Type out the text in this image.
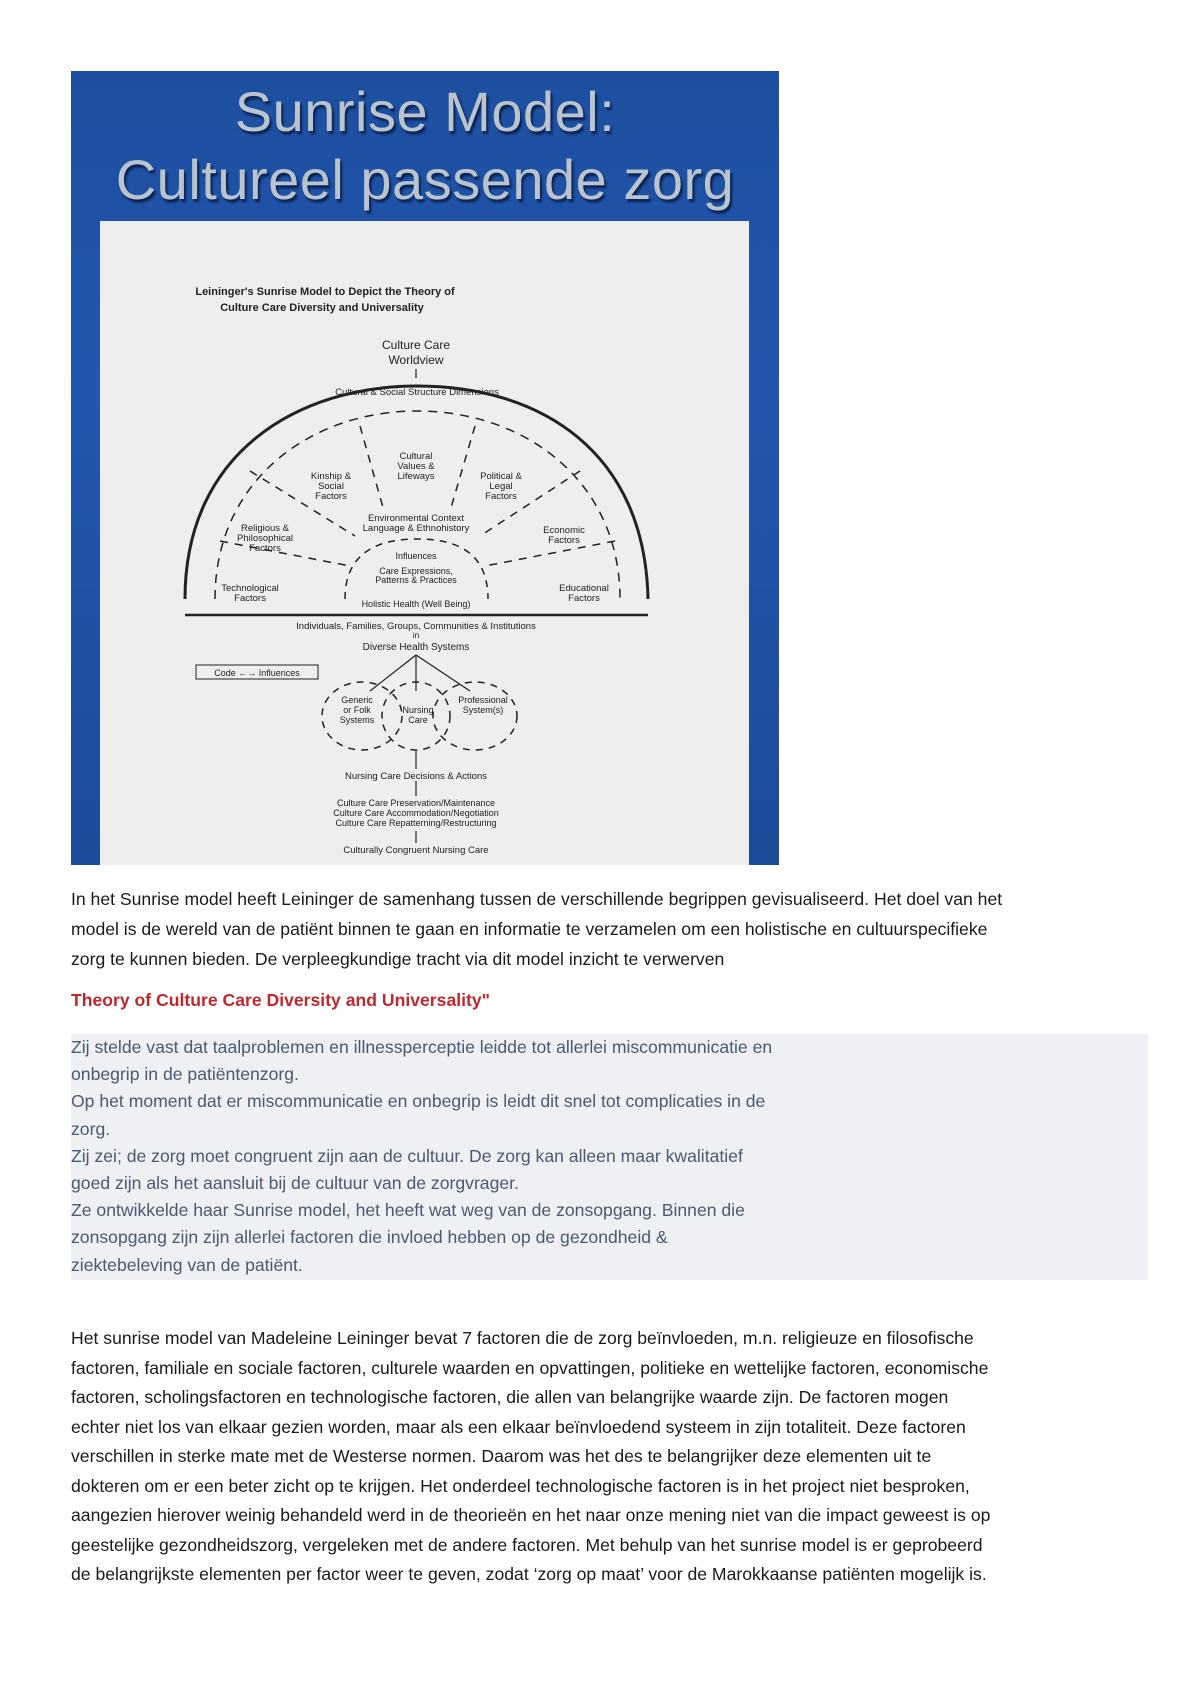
Sunrise Model:
Cultureel passende zorg
Leininger's Sunrise Model to Depict the Theory of
Culture Care Diversity and Universality
Culture Care
Worldview
Cultural & Social Structure Dimensions
Cultural
Values &
Lifeways
Kinship &
Social
Factors
Political &
Legal
Factors
Religious &
Philosophical
Factors
Economic
Factors
Technological
Factors
Educational
Factors
Environmental Context
Language & Ethnohistory
Influences
Care Expressions,
Patterns & Practices
Holistic Health (Well Being)
Individuals, Families, Groups, Communities & Institutions
in
Diverse Health Systems
Code ←→ Influences
Generic
or Folk
Systems
Nursing
Care
Professional
System(s)
Nursing Care Decisions & Actions
Culture Care Preservation/Maintenance
Culture Care Accommodation/Negotiation
Culture Care Repatterning/Restructuring
Culturally Congruent Nursing Care
In het Sunrise model heeft Leininger de samenhang tussen de verschillende begrippen gevisualiseerd. Het doel van het
model is de wereld van de patiënt binnen te gaan en informatie te verzamelen om een holistische en cultuurspecifieke
zorg te kunnen bieden. De verpleegkundige tracht via dit model inzicht te verwerven
Theory of Culture Care Diversity and Universality"
Zij stelde vast dat taalproblemen en illnessperceptie leidde tot allerlei miscommunicatie en
onbegrip in de patiëntenzorg.
Op het moment dat er miscommunicatie en onbegrip is leidt dit snel tot complicaties in de
zorg.
Zij zei; de zorg moet congruent zijn aan de cultuur. De zorg kan alleen maar kwalitatief
goed zijn als het aansluit bij de cultuur van de zorgvrager.
Ze ontwikkelde haar Sunrise model, het heeft wat weg van de zonsopgang. Binnen die
zonsopgang zijn zijn allerlei factoren die invloed hebben op de gezondheid &
ziektebeleving van de patiënt.
Het sunrise model van Madeleine Leininger bevat 7 factoren die de zorg beïnvloeden, m.n. religieuze en filosofische
factoren, familiale en sociale factoren, culturele waarden en opvattingen, politieke en wettelijke factoren, economische
factoren, scholingsfactoren en technologische factoren, die allen van belangrijke waarde zijn. De factoren mogen
echter niet los van elkaar gezien worden, maar als een elkaar beïnvloedend systeem in zijn totaliteit. Deze factoren
verschillen in sterke mate met de Westerse normen. Daarom was het des te belangrijker deze elementen uit te
dokteren om er een beter zicht op te krijgen. Het onderdeel technologische factoren is in het project niet besproken,
aangezien hierover weinig behandeld werd in de theorieën en het naar onze mening niet van die impact geweest is op
geestelijke gezondheidszorg, vergeleken met de andere factoren. Met behulp van het sunrise model is er geprobeerd
de belangrijkste elementen per factor weer te geven, zodat ‘zorg op maat’ voor de Marokkaanse patiënten mogelijk is.
